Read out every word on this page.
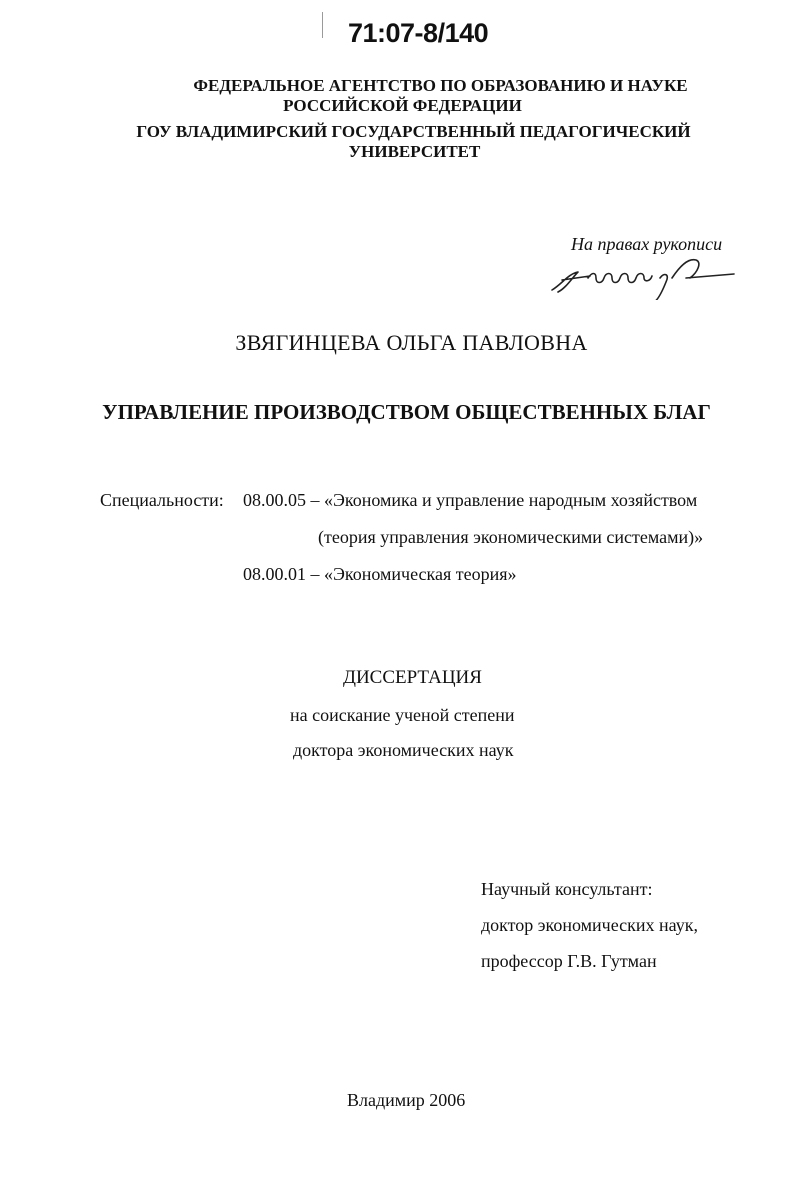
71:07-8/140
ФЕДЕРАЛЬНОЕ АГЕНТСТВО ПО ОБРАЗОВАНИЮ И НАУКЕ
РОССИЙСКОЙ ФЕДЕРАЦИИ
ГОУ ВЛАДИМИРСКИЙ ГОСУДАРСТВЕННЫЙ ПЕДАГОГИЧЕСКИЙ
УНИВЕРСИТЕТ
На правах рукописи
ЗВЯГИНЦЕВА ОЛЬГА ПАВЛОВНА
УПРАВЛЕНИЕ ПРОИЗВОДСТВОМ ОБЩЕСТВЕННЫХ БЛАГ
Специальности: 08.00.05 – «Экономика и управление народным хозяйством
(теория управления экономическими системами)»
08.00.01 – «Экономическая теория»
ДИССЕРТАЦИЯ
на соискание ученой степени
доктора экономических наук
Научный консультант:
доктор экономических наук,
профессор Г.В. Гутман
Владимир 2006
